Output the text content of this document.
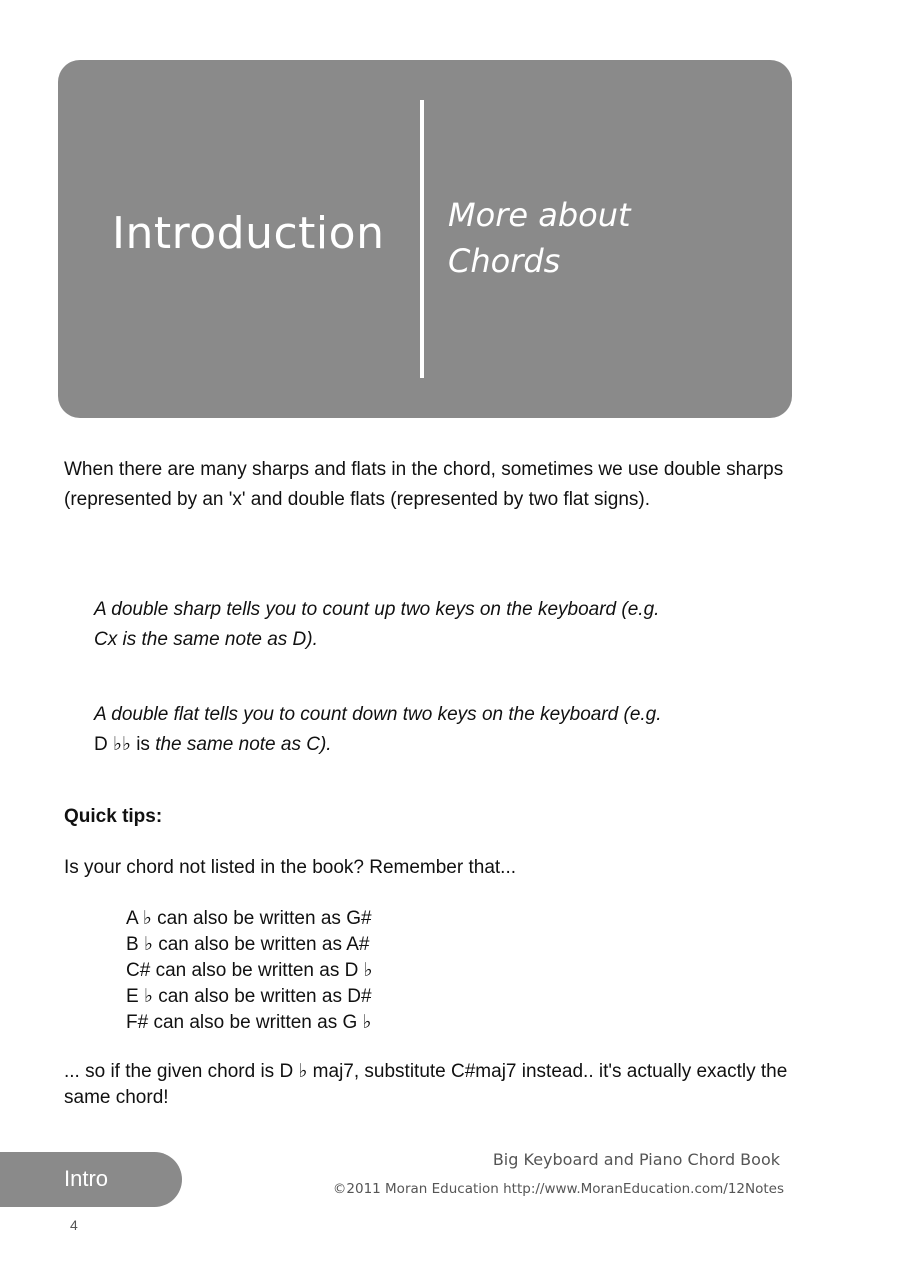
Introduction More about
Chords
When there are many sharps and flats in the chord, sometimes we use double sharps (represented by an 'x' and double flats (represented by two flat signs).
A double sharp tells you to count up two keys on the keyboard (e.g.
Cx is the same note as D).
A double flat tells you to count down two keys on the keyboard (e.g.
D ♭♭ is the same note as C).
Quick tips:
Is your chord not listed in the book? Remember that...
A ♭ can also be written as G#
B ♭ can also be written as A#
C# can also be written as D ♭
E ♭ can also be written as D#
F# can also be written as G ♭
... so if the given chord is D ♭ maj7, substitute C#maj7 instead.. it's actually exactly the same chord!
Intro
Big Keyboard and Piano Chord Book
©2011 Moran Education http://www.MoranEducation.com/12Notes
4
